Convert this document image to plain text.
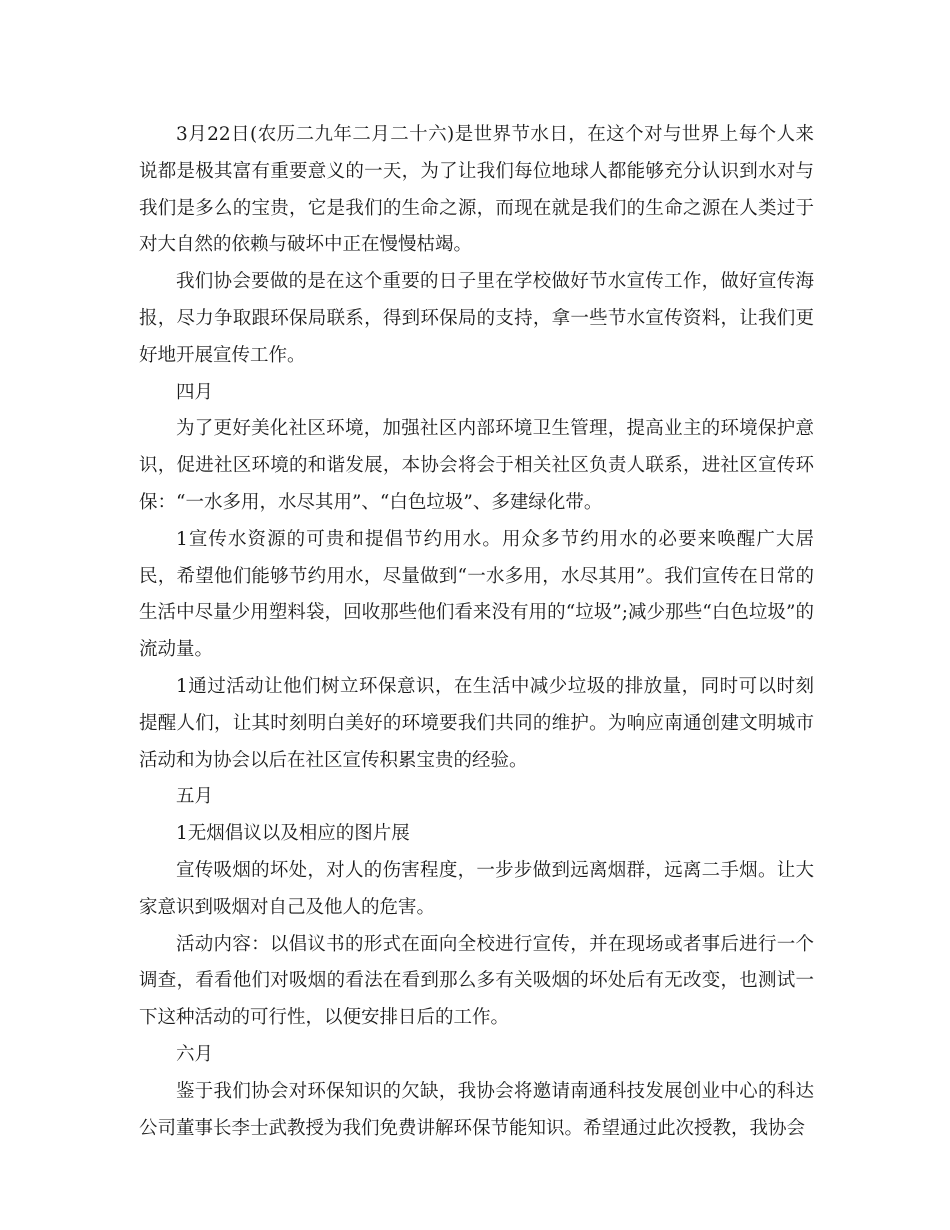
3月22日(农历二九年二月二十六)是世界节水日，在这个对与世界上每个人来说都是极其富有重要意义的一天，为了让我们每位地球人都能够充分认识到水对与我们是多么的宝贵，它是我们的生命之源，而现在就是我们的生命之源在人类过于对大自然的依赖与破坏中正在慢慢枯竭。

我们协会要做的是在这个重要的日子里在学校做好节水宣传工作，做好宣传海报，尽力争取跟环保局联系，得到环保局的支持，拿一些节水宣传资料，让我们更好地开展宣传工作。

四月

为了更好美化社区环境，加强社区内部环境卫生管理，提高业主的环境保护意识，促进社区环境的和谐发展，本协会将会于相关社区负责人联系，进社区宣传环保：“一水多用，水尽其用”、“白色垃圾”、多建绿化带。

1宣传水资源的可贵和提倡节约用水。用众多节约用水的必要来唤醒广大居民，希望他们能够节约用水，尽量做到“一水多用，水尽其用”。我们宣传在日常的生活中尽量少用塑料袋，回收那些他们看来没有用的“垃圾”;减少那些“白色垃圾”的流动量。

1通过活动让他们树立环保意识，在生活中减少垃圾的排放量，同时可以时刻提醒人们，让其时刻明白美好的环境要我们共同的维护。为响应南通创建文明城市活动和为协会以后在社区宣传积累宝贵的经验。

五月

1无烟倡议以及相应的图片展

宣传吸烟的坏处，对人的伤害程度，一步步做到远离烟群，远离二手烟。让大家意识到吸烟对自己及他人的危害。

活动内容：以倡议书的形式在面向全校进行宣传，并在现场或者事后进行一个调查，看看他们对吸烟的看法在看到那么多有关吸烟的坏处后有无改变，也测试一下这种活动的可行性，以便安排日后的工作。

六月

鉴于我们协会对环保知识的欠缺，我协会将邀请南通科技发展创业中心的科达公司董事长李士武教授为我们免费讲解环保节能知识。希望通过此次授教，我协会
